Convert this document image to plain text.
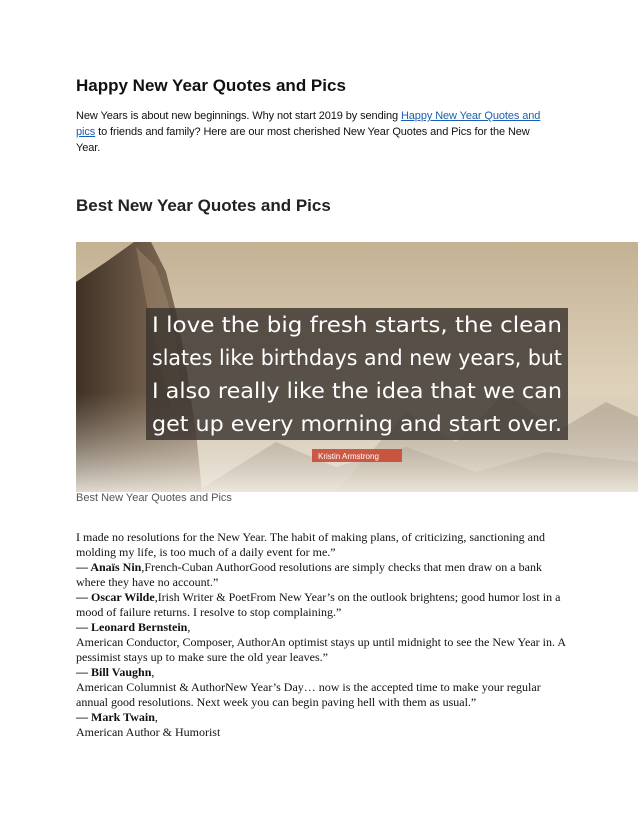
Happy New Year Quotes and Pics

New Years is about new beginnings. Why not start 2019 by sending Happy New Year Quotes and pics to friends and family? Here are our most cherished New Year Quotes and Pics for the New Year.

Best New Year Quotes and Pics
I love the big fresh starts, the clean
slates like birthdays and new years, but
I also really like the idea that we can
get up every morning and start over.
Kristin Armstrong

Best New Year Quotes and Pics

I made no resolutions for the New Year. The habit of making plans, of criticizing, sanctioning and molding my life, is too much of a daily event for me.”
— Anaïs Nin,French-Cuban AuthorGood resolutions are simply checks that men draw on a bank where they have no account.”
— Oscar Wilde,Irish Writer & PoetFrom New Year’s on the outlook brightens; good humor lost in a mood of failure returns. I resolve to stop complaining.”
— Leonard Bernstein,
American Conductor, Composer, AuthorAn optimist stays up until midnight to see the New Year in. A pessimist stays up to make sure the old year leaves.”
— Bill Vaughn,
American Columnist & AuthorNew Year’s Day… now is the accepted time to make your regular annual good resolutions. Next week you can begin paving hell with them as usual.”
— Mark Twain,
American Author & Humorist
